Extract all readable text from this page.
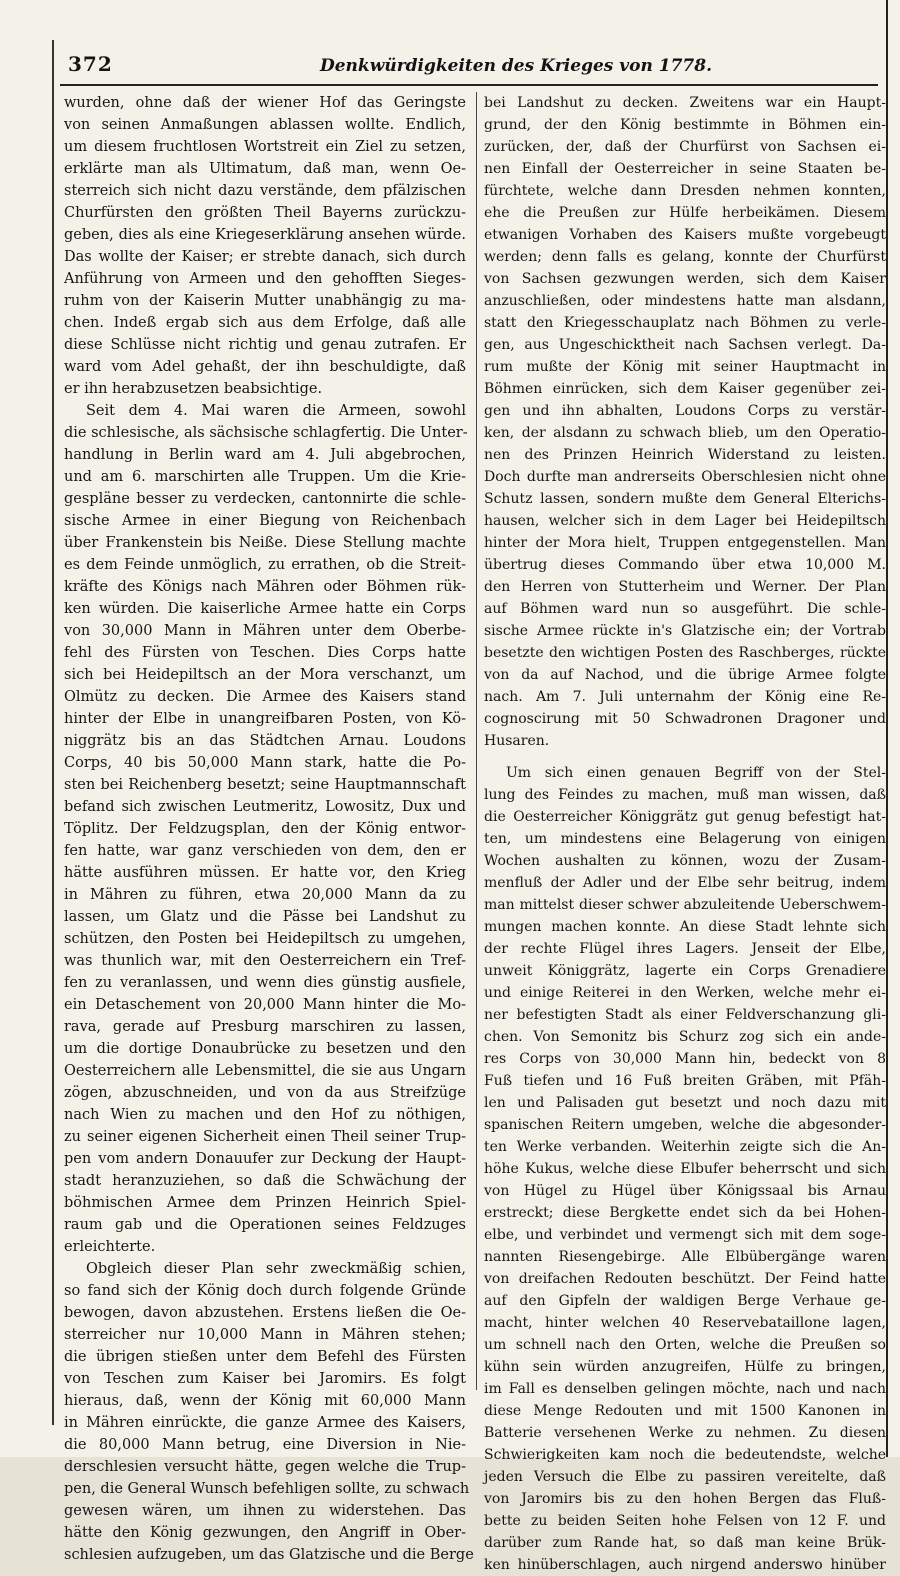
372	Denkwürdigkeiten des Krieges von 1778.
wurden, ohne daß der wiener Hof das Geringste
von seinen Anmaßungen ablassen wollte. Endlich,
um diesem fruchtlosen Wortstreit ein Ziel zu setzen,
erklärte man als Ultimatum, daß man, wenn Oe-
sterreich sich nicht dazu verstände, dem pfälzischen
Churfürsten den größten Theil Bayerns zurückzu-
geben, dies als eine Kriegeserklärung ansehen würde.
Das wollte der Kaiser; er strebte danach, sich durch
Anführung von Armeen und den gehofften Sieges-
ruhm von der Kaiserin Mutter unabhängig zu ma-
chen. Indeß ergab sich aus dem Erfolge, daß alle
diese Schlüsse nicht richtig und genau zutrafen. Er
ward vom Adel gehaßt, der ihn beschuldigte, daß
er ihn herabzusetzen beabsichtige.
Seit dem 4. Mai waren die Armeen, sowohl
die schlesische, als sächsische schlagfertig. Die Unter-
handlung in Berlin ward am 4. Juli abgebrochen,
und am 6. marschirten alle Truppen. Um die Krie-
gespläne besser zu verdecken, cantonnirte die schle-
sische Armee in einer Biegung von Reichenbach
über Frankenstein bis Neiße. Diese Stellung machte
es dem Feinde unmöglich, zu errathen, ob die Streit-
kräfte des Königs nach Mähren oder Böhmen rük-
ken würden. Die kaiserliche Armee hatte ein Corps
von 30,000 Mann in Mähren unter dem Oberbe-
fehl des Fürsten von Teschen. Dies Corps hatte
sich bei Heidepiltsch an der Mora verschanzt, um
Olmütz zu decken. Die Armee des Kaisers stand
hinter der Elbe in unangreifbaren Posten, von Kö-
niggrätz bis an das Städtchen Arnau. Loudons
Corps, 40 bis 50,000 Mann stark, hatte die Po-
sten bei Reichenberg besetzt; seine Hauptmannschaft
befand sich zwischen Leutmeritz, Lowositz, Dux und
Töplitz. Der Feldzugsplan, den der König entwor-
fen hatte, war ganz verschieden von dem, den er
hätte ausführen müssen. Er hatte vor, den Krieg
in Mähren zu führen, etwa 20,000 Mann da zu
lassen, um Glatz und die Pässe bei Landshut zu
schützen, den Posten bei Heidepiltsch zu umgehen,
was thunlich war, mit den Oesterreichern ein Tref-
fen zu veranlassen, und wenn dies günstig ausfiele,
ein Detaschement von 20,000 Mann hinter die Mo-
rava, gerade auf Presburg marschiren zu lassen,
um die dortige Donaubrücke zu besetzen und den
Oesterreichern alle Lebensmittel, die sie aus Ungarn
zögen, abzuschneiden, und von da aus Streifzüge
nach Wien zu machen und den Hof zu nöthigen,
zu seiner eigenen Sicherheit einen Theil seiner Trup-
pen vom andern Donauufer zur Deckung der Haupt-
stadt heranzuziehen, so daß die Schwächung der
böhmischen Armee dem Prinzen Heinrich Spiel-
raum gab und die Operationen seines Feldzuges
erleichterte.
Obgleich dieser Plan sehr zweckmäßig schien,
so fand sich der König doch durch folgende Gründe
bewogen, davon abzustehen. Erstens ließen die Oe-
sterreicher nur 10,000 Mann in Mähren stehen;
die übrigen stießen unter dem Befehl des Fürsten
von Teschen zum Kaiser bei Jaromirs. Es folgt
hieraus, daß, wenn der König mit 60,000 Mann
in Mähren einrückte, die ganze Armee des Kaisers,
die 80,000 Mann betrug, eine Diversion in Nie-
derschlesien versucht hätte, gegen welche die Trup-
pen, die General Wunsch befehligen sollte, zu schwach
gewesen wären, um ihnen zu widerstehen. Das
hätte den König gezwungen, den Angriff in Ober-
schlesien aufzugeben, um das Glatzische und die Berge
bei Landshut zu decken. Zweitens war ein Haupt-
grund, der den König bestimmte in Böhmen ein-
zurücken, der, daß der Churfürst von Sachsen ei-
nen Einfall der Oesterreicher in seine Staaten be-
fürchtete, welche dann Dresden nehmen konnten,
ehe die Preußen zur Hülfe herbeikämen. Diesem
etwanigen Vorhaben des Kaisers mußte vorgebeugt
werden; denn falls es gelang, konnte der Churfürst
von Sachsen gezwungen werden, sich dem Kaiser
anzuschließen, oder mindestens hatte man alsdann,
statt den Kriegesschauplatz nach Böhmen zu verle-
gen, aus Ungeschicktheit nach Sachsen verlegt. Da-
rum mußte der König mit seiner Hauptmacht in
Böhmen einrücken, sich dem Kaiser gegenüber zei-
gen und ihn abhalten, Loudons Corps zu verstär-
ken, der alsdann zu schwach blieb, um den Operatio-
nen des Prinzen Heinrich Widerstand zu leisten.
Doch durfte man andrerseits Oberschlesien nicht ohne
Schutz lassen, sondern mußte dem General Elterichs-
hausen, welcher sich in dem Lager bei Heidepiltsch
hinter der Mora hielt, Truppen entgegenstellen. Man
übertrug dieses Commando über etwa 10,000 M.
den Herren von Stutterheim und Werner. Der Plan
auf Böhmen ward nun so ausgeführt. Die schle-
sische Armee rückte in's Glatzische ein; der Vortrab
besetzte den wichtigen Posten des Raschberges, rückte
von da auf Nachod, und die übrige Armee folgte
nach. Am 7. Juli unternahm der König eine Re-
cognoscirung mit 50 Schwadronen Dragoner und
Husaren.
Um sich einen genauen Begriff von der Stel-
lung des Feindes zu machen, muß man wissen, daß
die Oesterreicher Königgrätz gut genug befestigt hat-
ten, um mindestens eine Belagerung von einigen
Wochen aushalten zu können, wozu der Zusam-
menfluß der Adler und der Elbe sehr beitrug, indem
man mittelst dieser schwer abzuleitende Ueberschwem-
mungen machen konnte. An diese Stadt lehnte sich
der rechte Flügel ihres Lagers. Jenseit der Elbe,
unweit Königgrätz, lagerte ein Corps Grenadiere
und einige Reiterei in den Werken, welche mehr ei-
ner befestigten Stadt als einer Feldverschanzung gli-
chen. Von Semonitz bis Schurz zog sich ein ande-
res Corps von 30,000 Mann hin, bedeckt von 8
Fuß tiefen und 16 Fuß breiten Gräben, mit Pfäh-
len und Palisaden gut besetzt und noch dazu mit
spanischen Reitern umgeben, welche die abgesonder-
ten Werke verbanden. Weiterhin zeigte sich die An-
höhe Kukus, welche diese Elbufer beherrscht und sich
von Hügel zu Hügel über Königssaal bis Arnau
erstreckt; diese Bergkette endet sich da bei Hohen-
elbe, und verbindet und vermengt sich mit dem soge-
nannten Riesengebirge. Alle Elbübergänge waren
von dreifachen Redouten beschützt. Der Feind hatte
auf den Gipfeln der waldigen Berge Verhaue ge-
macht, hinter welchen 40 Reservebataillone lagen,
um schnell nach den Orten, welche die Preußen so
kühn sein würden anzugreifen, Hülfe zu bringen,
im Fall es denselben gelingen möchte, nach und nach
diese Menge Redouten und mit 1500 Kanonen in
Batterie versehenen Werke zu nehmen. Zu diesen
Schwierigkeiten kam noch die bedeutendste, welche
jeden Versuch die Elbe zu passiren vereitelte, daß
von Jaromirs bis zu den hohen Bergen das Fluß-
bette zu beiden Seiten hohe Felsen von 12 F. und
darüber zum Rande hat, so daß man keine Brük-
ken hinüberschlagen, auch nirgend anderswo hinüber
